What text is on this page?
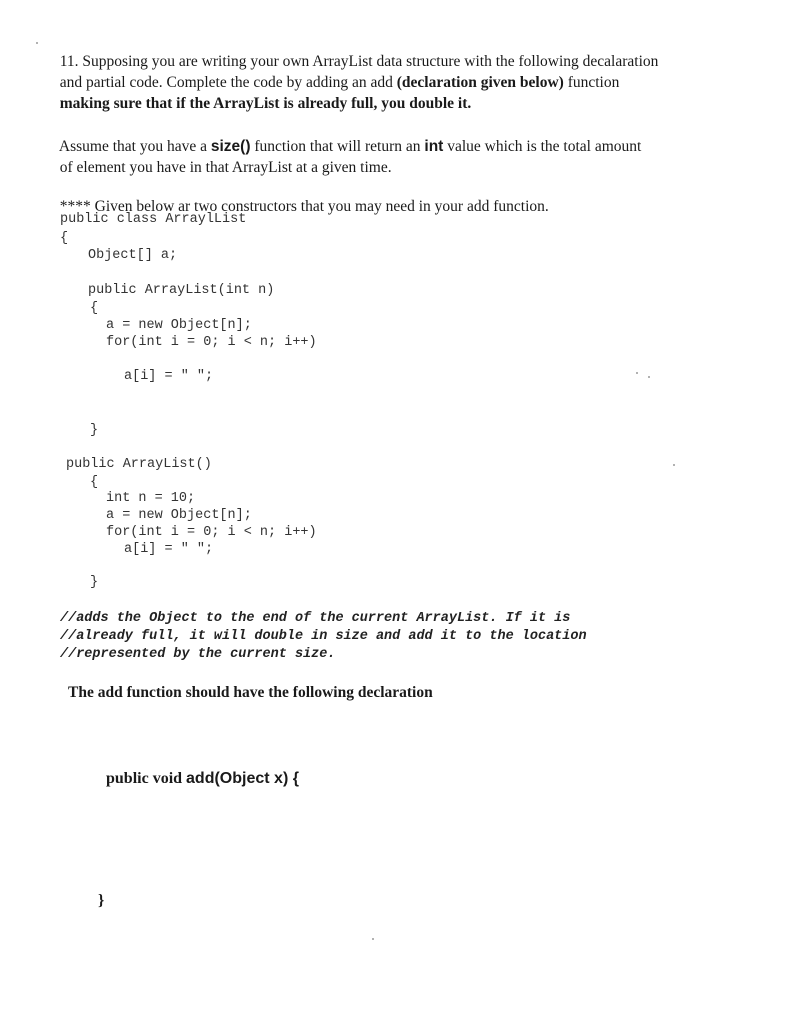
11. Supposing you are writing your own ArrayList data structure with the following decalaration

and partial code. Complete the code by adding an add (declaration given below) function

making sure that if the ArrayList is already full, you double it.

Assume that you have a size() function that will return an int value which is the total amount

of element you have in that ArrayList at a given time.

**** Given below ar two constructors that you may need in your add function.

public class ArraylList
{
Object[] a;
public ArrayList(int n)
{
a = new Object[n];
for(int i = 0; i < n; i++)
a[i] = " ";
}
public ArrayList()
{
int n = 10;
a = new Object[n];
for(int i = 0; i < n; i++)
a[i] = " ";
}
//adds the Object to the end of the current ArrayList. If it is
//already full, it will double in size and add it to the location
//represented by the current size.
The add function should have the following declaration

public void add(Object x) {

}
